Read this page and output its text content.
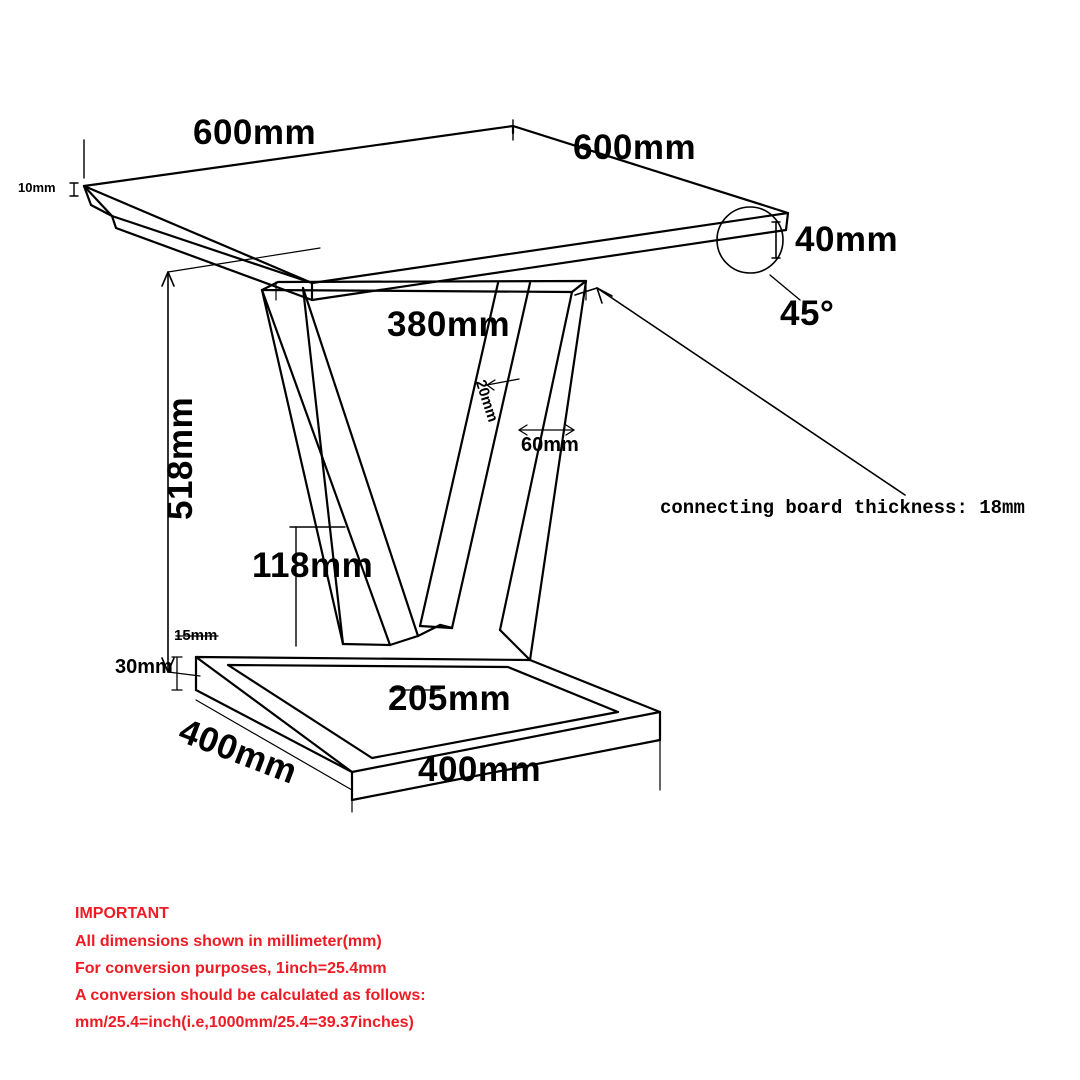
600mm	600mm
10mm
40mm
45°
380mm
20mm
60mm
518mm
118mm
15mm
30mm
205mm
400mm	400mm
connecting board thickness: 18mm
IMPORTANT
All dimensions shown in millimeter(mm)
For conversion purposes, 1inch=25.4mm
A conversion should be calculated as follows:
mm/25.4=inch(i.e,1000mm/25.4=39.37inches)
